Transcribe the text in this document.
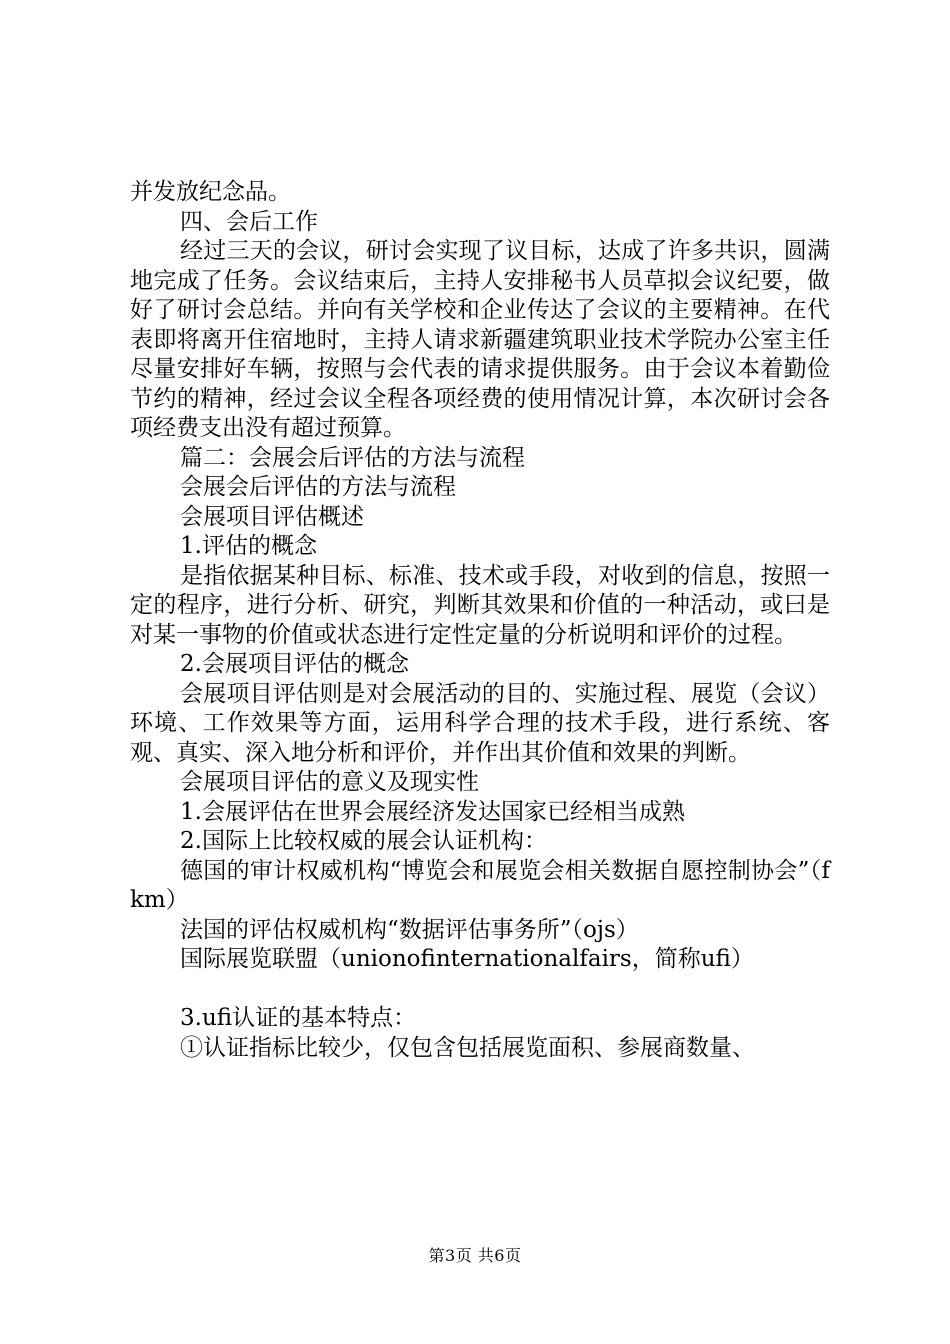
并发放纪念品。

四、会后工作

经过三天的会议，研讨会实现了议目标，达成了许多共识，圆满地完成了任务。会议结束后，主持人安排秘书人员草拟会议纪要，做好了研讨会总结。并向有关学校和企业传达了会议的主要精神。在代表即将离开住宿地时，主持人请求新疆建筑职业技术学院办公室主任尽量安排好车辆，按照与会代表的请求提供服务。由于会议本着勤俭节约的精神，经过会议全程各项经费的使用情况计算，本次研讨会各项经费支出没有超过预算。

篇二：会展会后评估的方法与流程

会展会后评估的方法与流程

会展项目评估概述

1.评估的概念

是指依据某种目标、标准、技术或手段，对收到的信息，按照一定的程序，进行分析、研究，判断其效果和价值的一种活动，或曰是对某一事物的价值或状态进行定性定量的分析说明和评价的过程。

2.会展项目评估的概念

会展项目评估则是对会展活动的目的、实施过程、展览（会议）环境、工作效果等方面，运用科学合理的技术手段，进行系统、客观、真实、深入地分析和评价，并作出其价值和效果的判断。

会展项目评估的意义及现实性

1.会展评估在世界会展经济发达国家已经相当成熟

2.国际上比较权威的展会认证机构：

德国的审计权威机构“博览会和展览会相关数据自愿控制协会”（fkm）

法国的评估权威机构“数据评估事务所”（ojs）

国际展览联盟（unionofinternationalfairs，简称ufi）

3.ufi认证的基本特点：

①认证指标比较少，仅包含包括展览面积、参展商数量、

第3页 共6页
